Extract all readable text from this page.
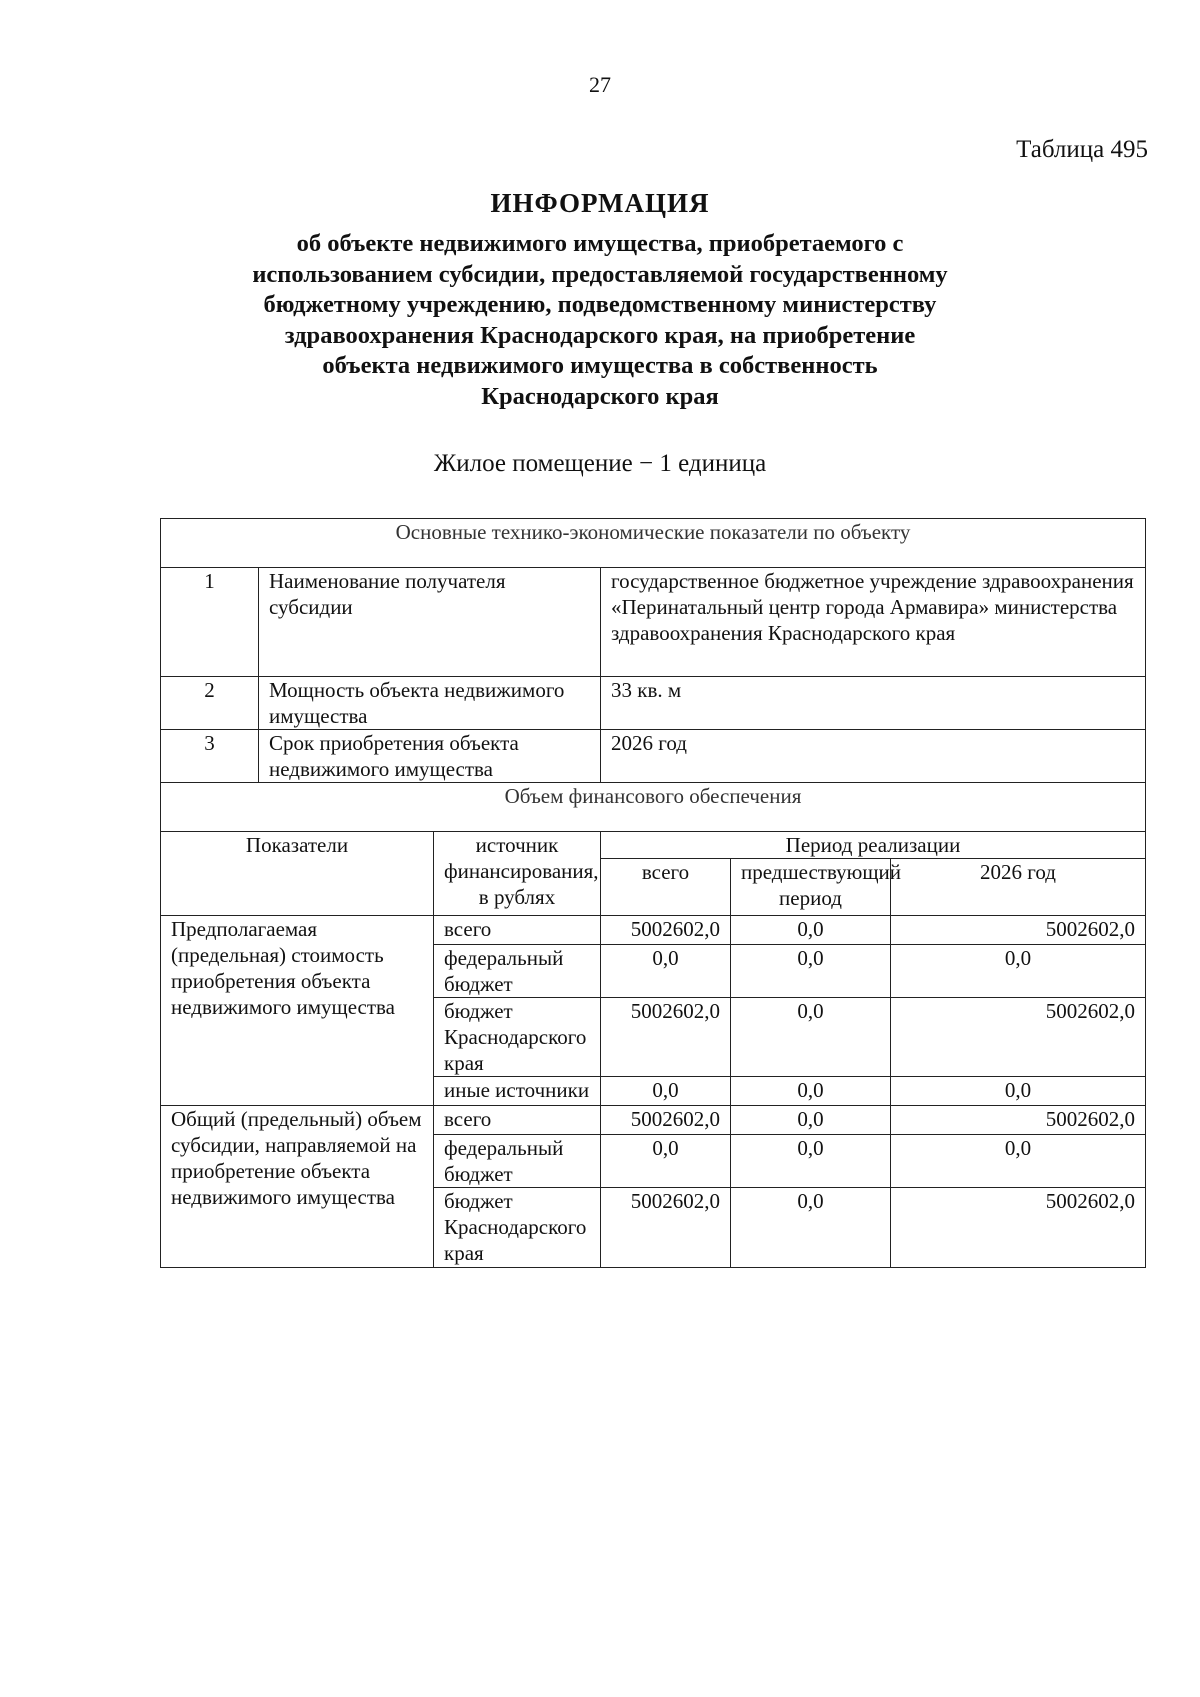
27
Таблица 495
ИНФОРМАЦИЯ
об объекте недвижимого имущества, приобретаемого с
использованием субсидии, предоставляемой государственному
бюджетному учреждению, подведомственному министерству
здравоохранения Краснодарского края, на приобретение
объекта недвижимого имущества в собственность
Краснодарского края
Жилое помещение − 1 единица
Основные технико-экономические показатели по объекту					
1	Наименование получателя субсидии		государственное бюджетное учреждение здравоохранения «Перинатальный центр города Армавира» министерства здравоохранения Краснодарского края		
2	Мощность объекта недвижимого имущества		33 кв. м		
3	Срок приобретения объекта недвижимого имущества		2026 год		
Объем финансового обеспечения					
Показатели		источник финансирования, в рублях	Период реализации		
			всего	предшествующий период	2026 год
Предполагаемая (предельная) стоимость приобретения объекта недвижимого имущества		всего	5002602,0	0,0	5002602,0
		федеральный бюджет	0,0	0,0	0,0
		бюджет Краснодарского края	5002602,0	0,0	5002602,0
		иные источники	0,0	0,0	0,0
Общий (предельный) объем субсидии, направляемой на приобретение объекта недвижимого имущества		всего	5002602,0	0,0	5002602,0
		федеральный бюджет	0,0	0,0	0,0
		бюджет Краснодарского края	5002602,0	0,0	5002602,0
